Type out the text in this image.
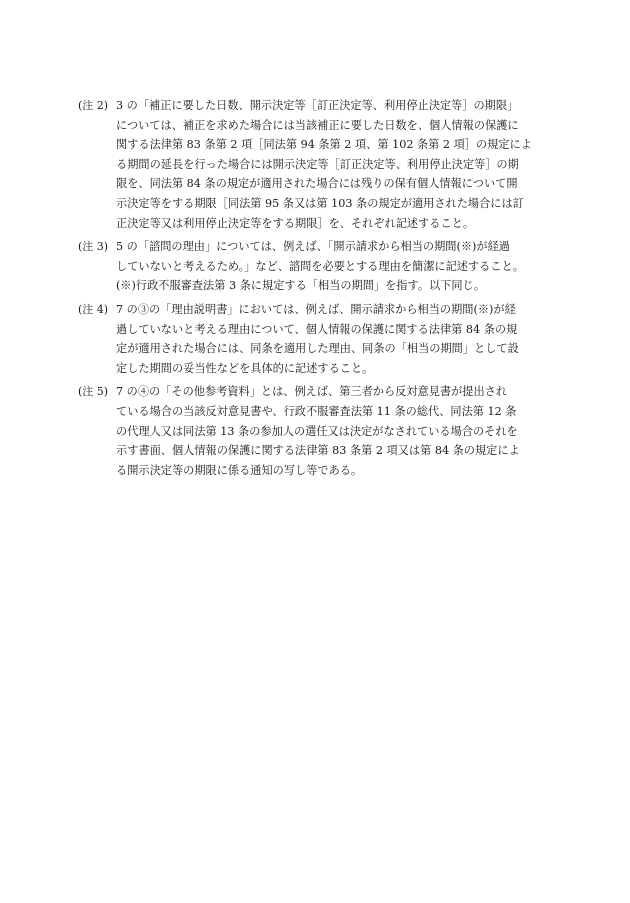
(注 2) 3 の「補正に要した日数、開示決定等［訂正決定等、利用停止決定等］の期限」
については、補正を求めた場合には当該補正に要した日数を、個人情報の保護に
関する法律第 83 条第 2 項［同法第 94 条第 2 項、第 102 条第 2 項］の規定によ
る期間の延長を行った場合には開示決定等［訂正決定等、利用停止決定等］の期
限を、同法第 84 条の規定が適用された場合には残りの保有個人情報について開
示決定等をする期限［同法第 95 条又は第 103 条の規定が適用された場合には訂
正決定等又は利用停止決定等をする期限］を、それぞれ記述すること。
(注 3) 5 の「諮問の理由」については、例えば、「開示請求から相当の期間(※)が経過
していないと考えるため。」など、諮問を必要とする理由を簡潔に記述すること。
(※)行政不服審査法第 3 条に規定する「相当の期間」を指す。以下同じ。
(注 4) 7 の③の「理由説明書」においては、例えば、開示請求から相当の期間(※)が経
過していないと考える理由について、個人情報の保護に関する法律第 84 条の規
定が適用された場合には、同条を適用した理由、同条の「相当の期間」として設
定した期間の妥当性などを具体的に記述すること。
(注 5) 7 の④の「その他参考資料」とは、例えば、第三者から反対意見書が提出され
ている場合の当該反対意見書や、行政不服審査法第 11 条の総代、同法第 12 条
の代理人又は同法第 13 条の参加人の選任又は決定がなされている場合のそれを
示す書面、個人情報の保護に関する法律第 83 条第 2 項又は第 84 条の規定によ
る開示決定等の期限に係る通知の写し等である。
